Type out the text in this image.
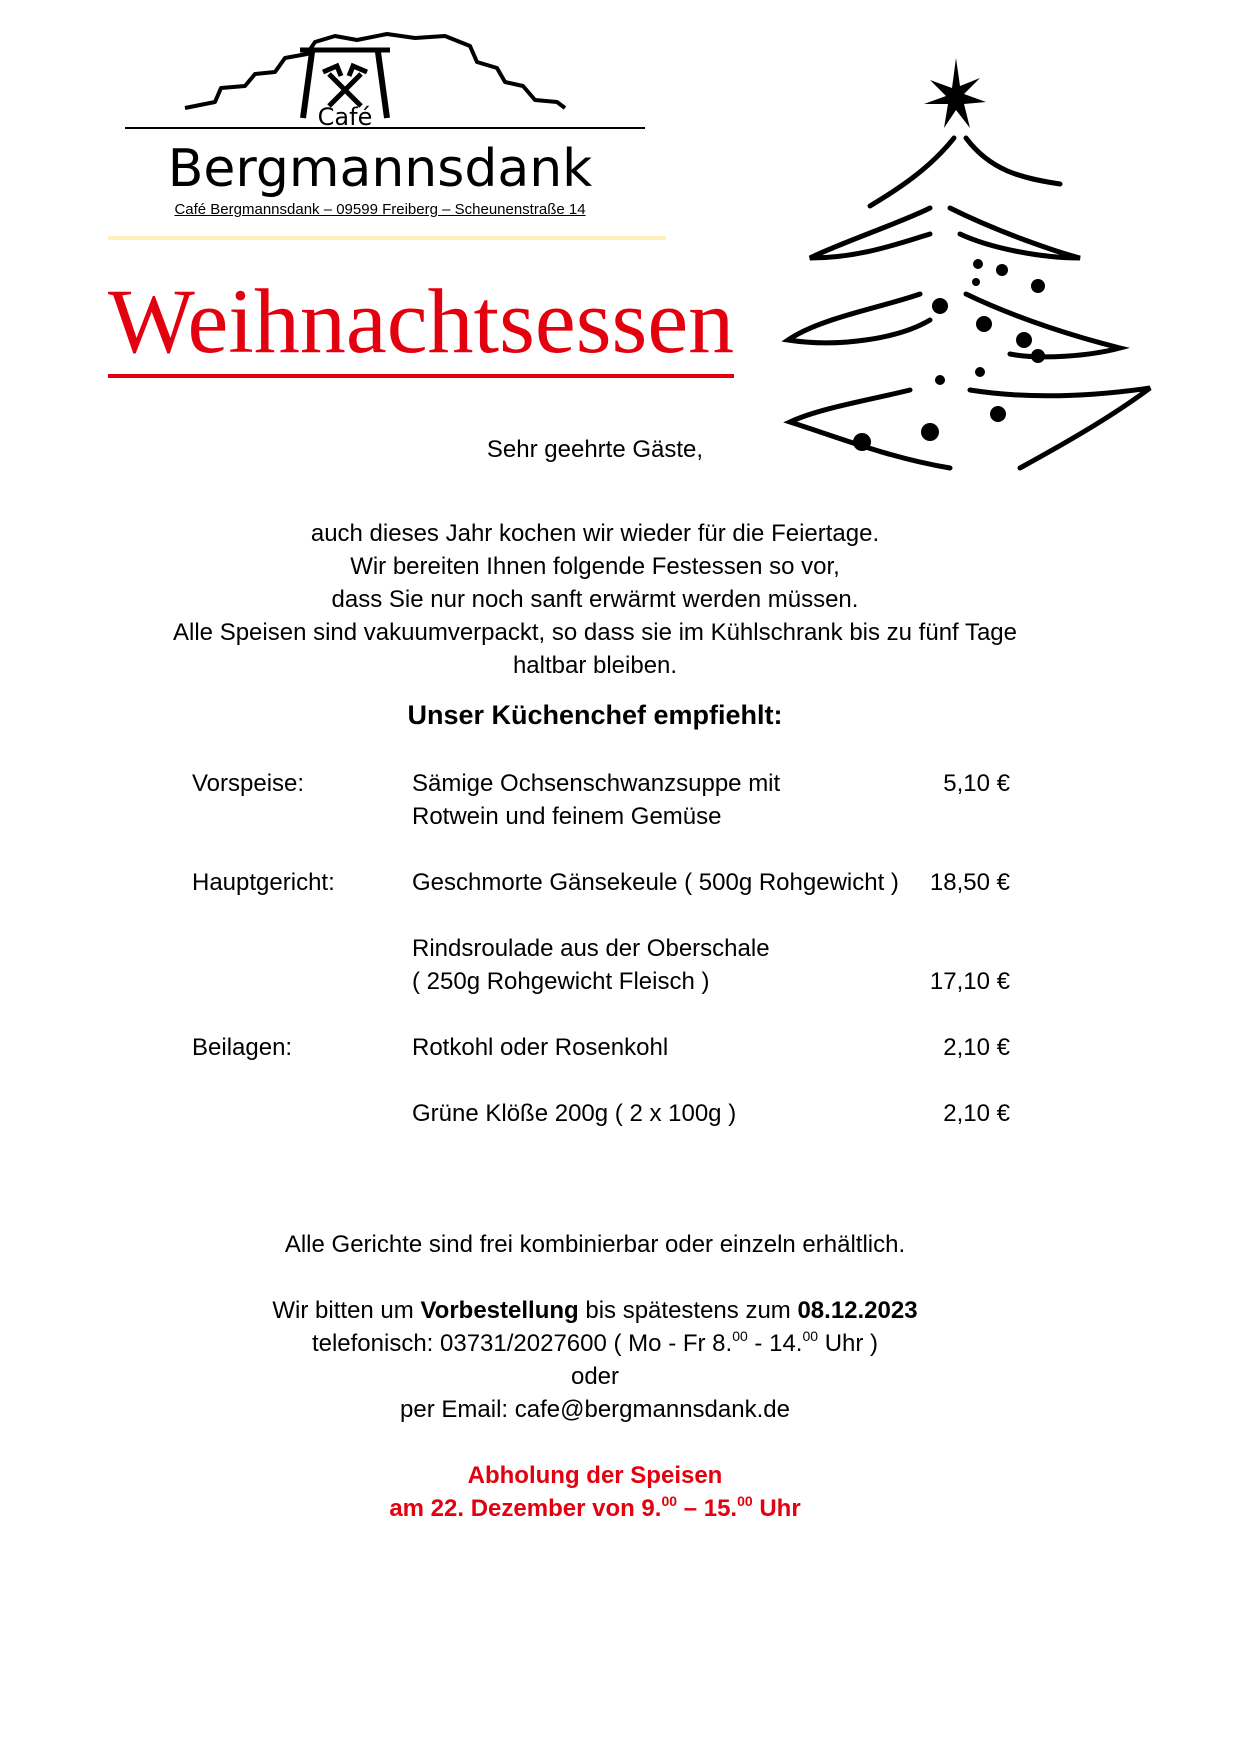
Café
Bergmannsdank
Café Bergmannsdank – 09599 Freiberg – Scheunenstraße 14
Weihnachtsessen
Sehr geehrte Gäste,
auch dieses Jahr kochen wir wieder für die Feiertage.
Wir bereiten Ihnen folgende Festessen so vor,
dass Sie nur noch sanft erwärmt werden müssen.
Alle Speisen sind vakuumverpackt, so dass sie im Kühlschrank bis zu fünf Tage
haltbar bleiben.
Unser Küchenchef empfiehlt:
Vorspeise:	Sämige Ochsenschwanzsuppe mit
Rotwein und feinem Gemüse
5,10 €
Hauptgericht:	Geschmorte Gänsekeule ( 500g Rohgewicht )	18,50 €
Rindsroulade aus der Oberschale
( 250g Rohgewicht Fleisch )	17,10 €
Beilagen:	Rotkohl oder Rosenkohl	2,10 €
Grüne Klöße 200g ( 2 x 100g )	2,10 €
Alle Gerichte sind frei kombinierbar oder einzeln erhältlich.
Wir bitten um Vorbestellung bis spätestens zum 08.12.2023
telefonisch: 03731/2027600 ( Mo - Fr 8.00 - 14.00 Uhr )
oder
per Email: cafe@bergmannsdank.de
Abholung der Speisen
am 22. Dezember von 9.00 – 15.00 Uhr
